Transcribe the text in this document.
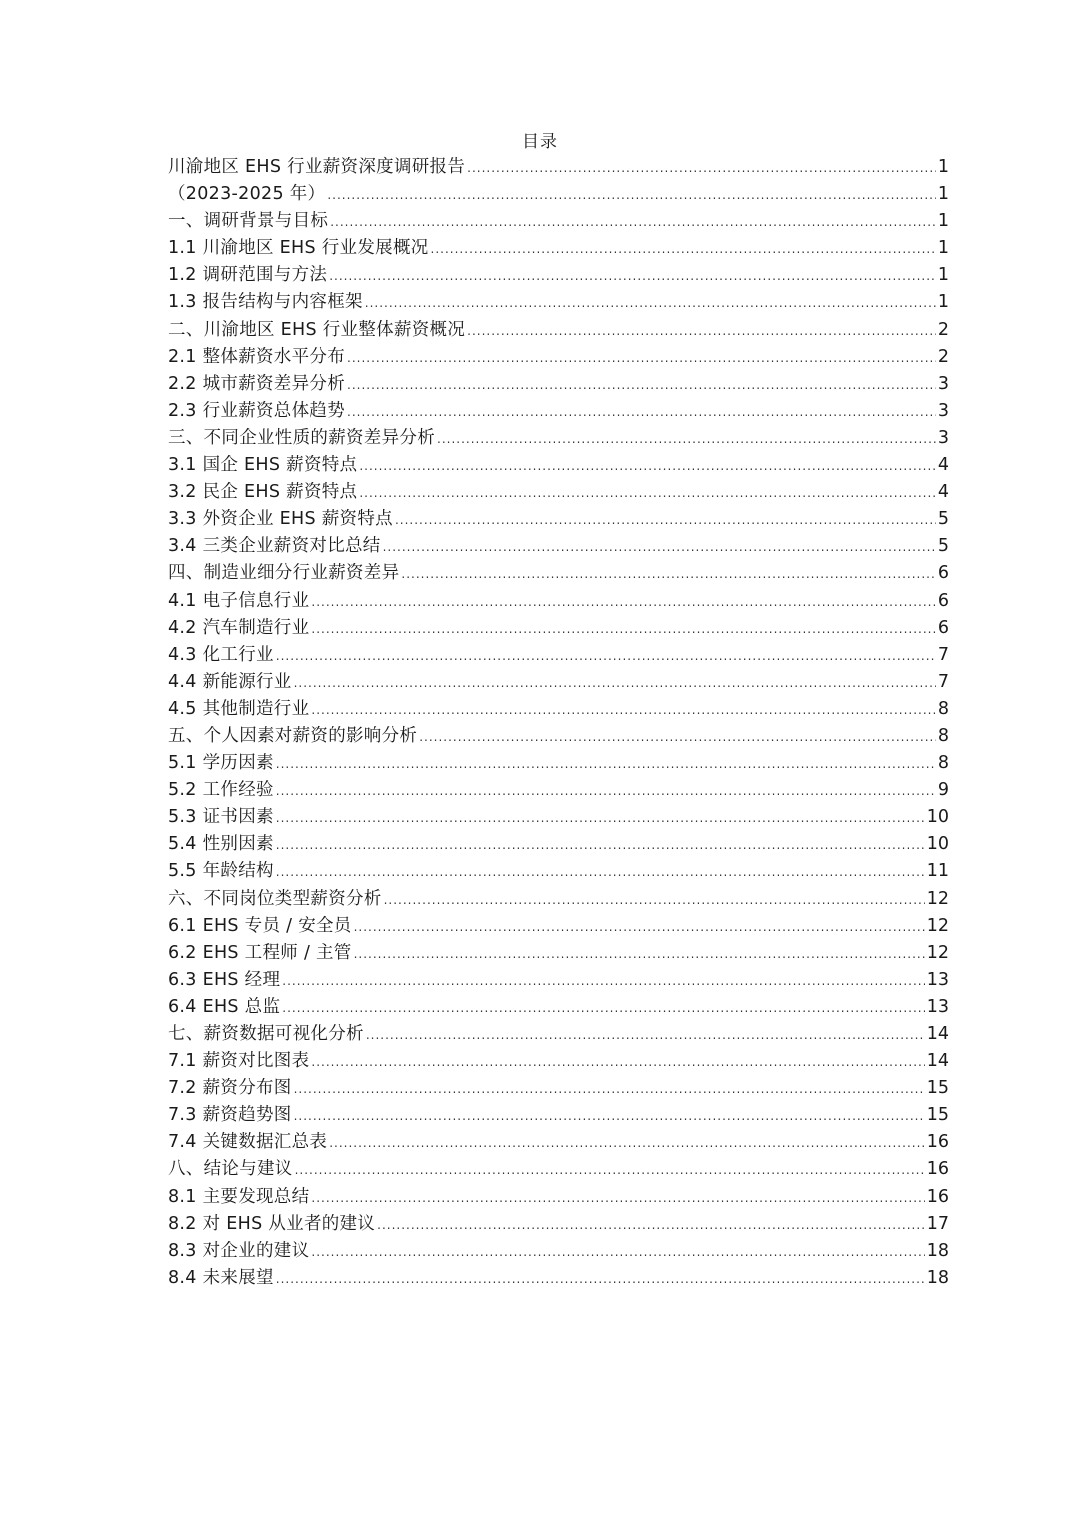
目录
川渝地区 EHS 行业薪资深度调研报告 .....	1
（2023-2025 年） .....	1
一、调研背景与目标 .....	1
1.1 川渝地区 EHS 行业发展概况 .....	1
1.2 调研范围与方法 .....	1
1.3 报告结构与内容框架 .....	1
二、川渝地区 EHS 行业整体薪资概况 .....	2
2.1 整体薪资水平分布 .....	2
2.2 城市薪资差异分析 .....	3
2.3 行业薪资总体趋势 .....	3
三、不同企业性质的薪资差异分析 .....	3
3.1 国企 EHS 薪资特点 .....	4
3.2 民企 EHS 薪资特点 .....	4
3.3 外资企业 EHS 薪资特点 .....	5
3.4 三类企业薪资对比总结 .....	5
四、制造业细分行业薪资差异 .....	6
4.1 电子信息行业 .....	6
4.2 汽车制造行业 .....	6
4.3 化工行业 .....	7
4.4 新能源行业 .....	7
4.5 其他制造行业 .....	8
五、个人因素对薪资的影响分析 .....	8
5.1 学历因素 .....	8
5.2 工作经验 .....	9
5.3 证书因素 .....	10
5.4 性别因素 .....	10
5.5 年龄结构 .....	11
六、不同岗位类型薪资分析 .....	12
6.1 EHS 专员 / 安全员 .....	12
6.2 EHS 工程师 / 主管 .....	12
6.3 EHS 经理 .....	13
6.4 EHS 总监 .....	13
七、薪资数据可视化分析 .....	14
7.1 薪资对比图表 .....	14
7.2 薪资分布图 .....	15
7.3 薪资趋势图 .....	15
7.4 关键数据汇总表 .....	16
八、结论与建议 .....	16
8.1 主要发现总结 .....	16
8.2 对 EHS 从业者的建议 .....	17
8.3 对企业的建议 .....	18
8.4 未来展望 .....	18
